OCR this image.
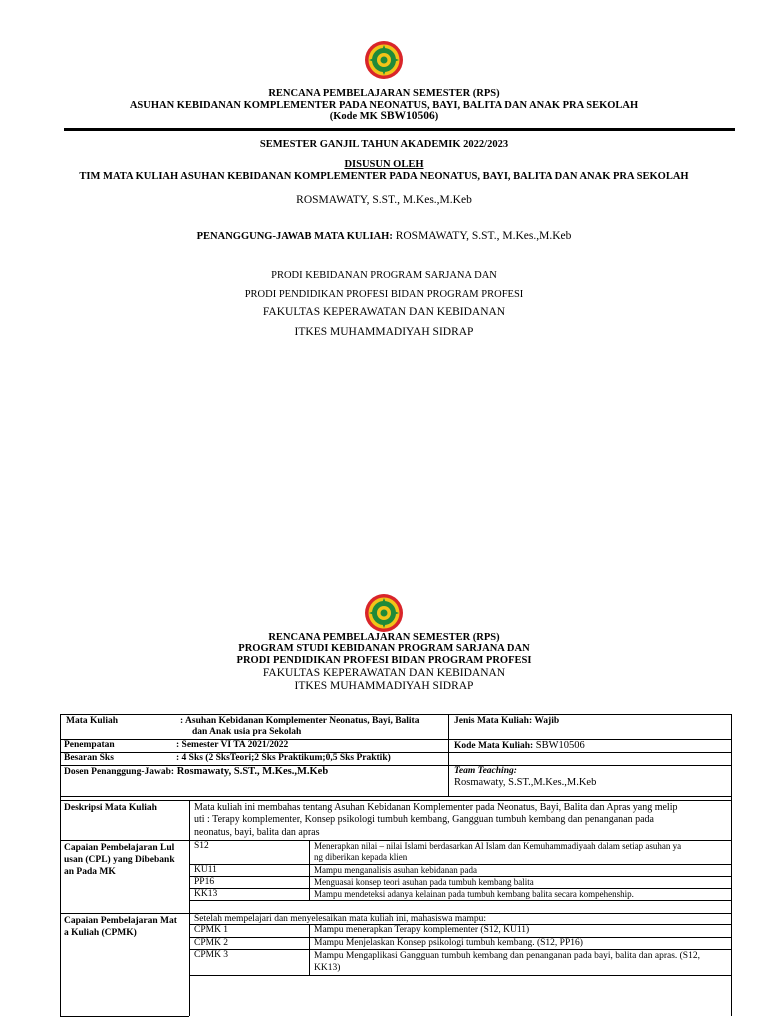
RENCANA PEMBELAJARAN SEMESTER (RPS)
ASUHAN KEBIDANAN KOMPLEMENTER PADA NEONATUS, BAYI, BALITA DAN ANAK PRA SEKOLAH
(Kode MK SBW10506)
SEMESTER GANJIL TAHUN AKADEMIK 2022/2023
DISUSUN OLEH
TIM MATA KULIAH ASUHAN KEBIDANAN KOMPLEMENTER PADA NEONATUS, BAYI, BALITA DAN ANAK PRA SEKOLAH
ROSMAWATY, S.ST., M.Kes.,M.Keb
PENANGGUNG-JAWAB MATA KULIAH: ROSMAWATY, S.ST., M.Kes.,M.Keb
PRODI KEBIDANAN PROGRAM SARJANA DAN
PRODI PENDIDIKAN PROFESI BIDAN PROGRAM PROFESI
FAKULTAS KEPERAWATAN DAN KEBIDANAN
ITKES MUHAMMADIYAH SIDRAP
RENCANA PEMBELAJARAN SEMESTER (RPS)
PROGRAM STUDI KEBIDANAN PROGRAM SARJANA DAN
PRODI PENDIDIKAN PROFESI BIDAN PROGRAM PROFESI
FAKULTAS KEPERAWATAN DAN KEBIDANAN
ITKES MUHAMMADIYAH SIDRAP
Mata Kuliah	: Asuhan Kebidanan Komplementer Neonatus, Bayi, Balita
dan Anak usia pra Sekolah
Jenis Mata Kuliah: Wajib
Penempatan	: Semester VI TA 2021/2022	Kode Mata Kuliah: SBW10506
Besaran Sks	: 4 Sks (2 SksTeori;2 Sks Praktikum;0,5 Sks Praktik)
Dosen Penanggung-Jawab: Rosmawaty, S.ST., M.Kes.,M.Keb	Team Teaching:
Rosmawaty, S.ST.,M.Kes.,M.Keb
Deskripsi Mata Kuliah	Mata kuliah ini membahas tentang Asuhan Kebidanan Komplementer pada Neonatus, Bayi, Balita dan Apras yang melip
uti : Terapy komplementer, Konsep psikologi tumbuh kembang, Gangguan tumbuh kembang dan penanganan pada
neonatus, bayi, balita dan apras
Capaian Pembelajaran Lul
usan (CPL) yang Dibebank
an Pada MK
S12	Menerapkan nilai – nilai Islami berdasarkan Al Islam dan Kemuhammadiyaah dalam setiap asuhan ya
ng diberikan kepada klien
KU11	Mampu menganalisis asuhan kebidanan pada
PP16	Menguasai konsep teori asuhan pada tumbuh kembang balita
KK13	Mampu mendeteksi adanya kelainan pada tumbuh kembang balita secara kompehenship.
Capaian Pembelajaran Mat
a Kuliah (CPMK)
Setelah mempelajari dan menyelesaikan mata kuliah ini, mahasiswa mampu:
CPMK 1	Mampu menerapkan Terapy komplementer (S12, KU11)
CPMK 2	Mampu Menjelaskan Konsep psikologi tumbuh kembang. (S12, PP16)
CPMK 3	Mampu Mengaplikasi Gangguan tumbuh kembang dan penanganan pada bayi, balita dan apras. (S12,
KK13)
